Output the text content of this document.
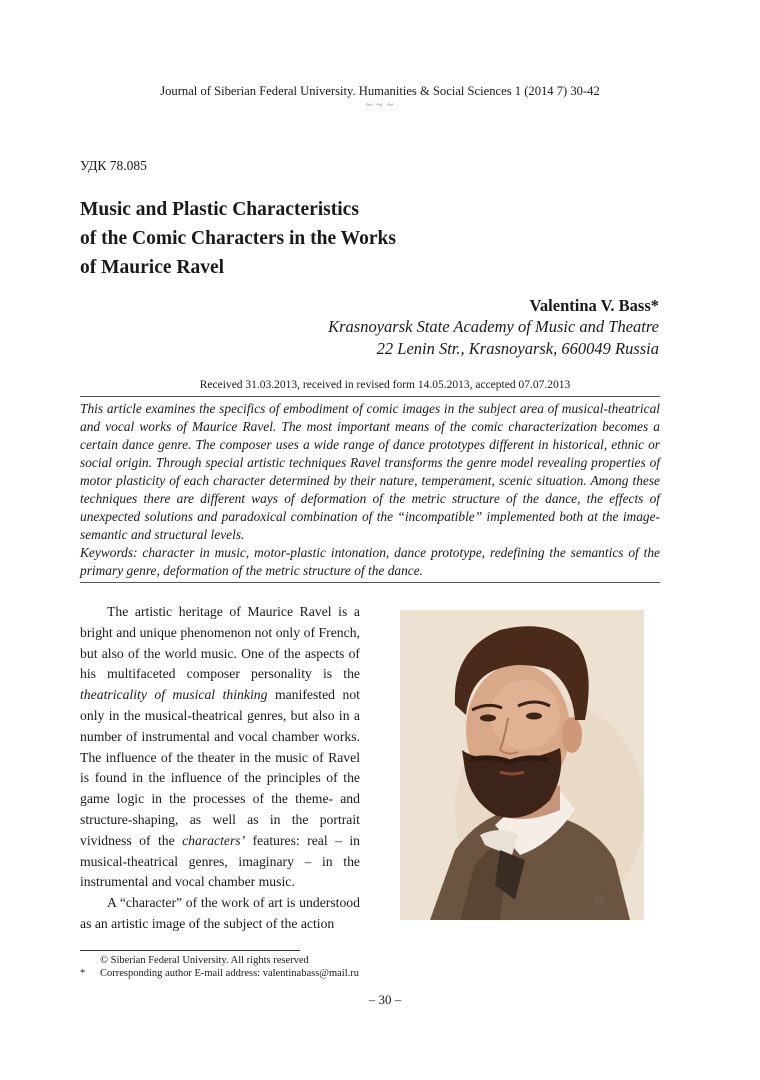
Journal of Siberian Federal University. Humanities & Social Sciences 1 (2014 7) 30-42
~ ~ ~
УДК 78.085
Music and Plastic Characteristics
of the Comic Characters in the Works
of Maurice Ravel
Valentina V. Bass*
Krasnoyarsk State Academy of Music and Theatre
22 Lenin Str., Krasnoyarsk, 660049 Russia
Received 31.03.2013, received in revised form 14.05.2013, accepted 07.07.2013
This article examines the specifics of embodiment of comic images in the subject area of musical-theatrical and vocal works of Maurice Ravel. The most important means of the comic characterization becomes a certain dance genre. The composer uses a wide range of dance prototypes different in historical, ethnic or social origin. Through special artistic techniques Ravel transforms the genre model revealing properties of motor plasticity of each character determined by their nature, temperament, scenic situation. Among these techniques there are different ways of deformation of the metric structure of the dance, the effects of unexpected solutions and paradoxical combination of the “incompatible” implemented both at the image-semantic and structural levels.
Keywords: character in music, motor-plastic intonation, dance prototype, redefining the semantics of the primary genre, deformation of the metric structure of the dance.

The artistic heritage of Maurice Ravel is a bright and unique phenomenon not only of French, but also of the world music. One of the aspects of his multifaceted composer personality is the theatricality of musical thinking manifested not only in the musical-theatrical genres, but also in a number of instrumental and vocal chamber works. The influence of the theater in the music of Ravel is found in the influence of the principles of the game logic in the processes of the theme- and structure-shaping, as well as in the portrait vividness of the characters’ features: real – in musical-theatrical genres, imaginary – in the instrumental and vocal chamber music.

A “character” of the work of art is understood as an artistic image of the subject of the action

ch
© Siberian Federal University. All rights reserved
*	Corresponding author E-mail address: valentinabass@mail.ru
– 30 –
